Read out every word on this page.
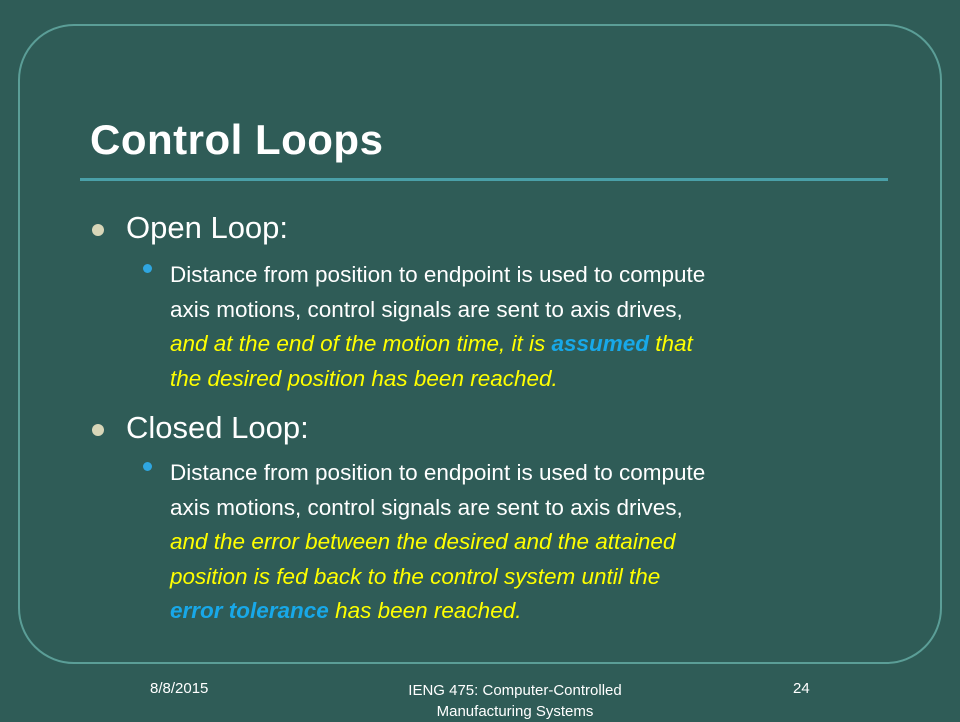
Control Loops
Open Loop:
Distance from position to endpoint is used to compute
axis motions, control signals are sent to axis drives,
and at the end of the motion time, it is assumed that
the desired position has been reached.
Closed Loop:
Distance from position to endpoint is used to compute
axis motions, control signals are sent to axis drives,
and the error between the desired and the attained
position is fed back to the control system until the
error tolerance has been reached.
8/8/2015	IENG 475: Computer-Controlled
Manufacturing Systems
24
